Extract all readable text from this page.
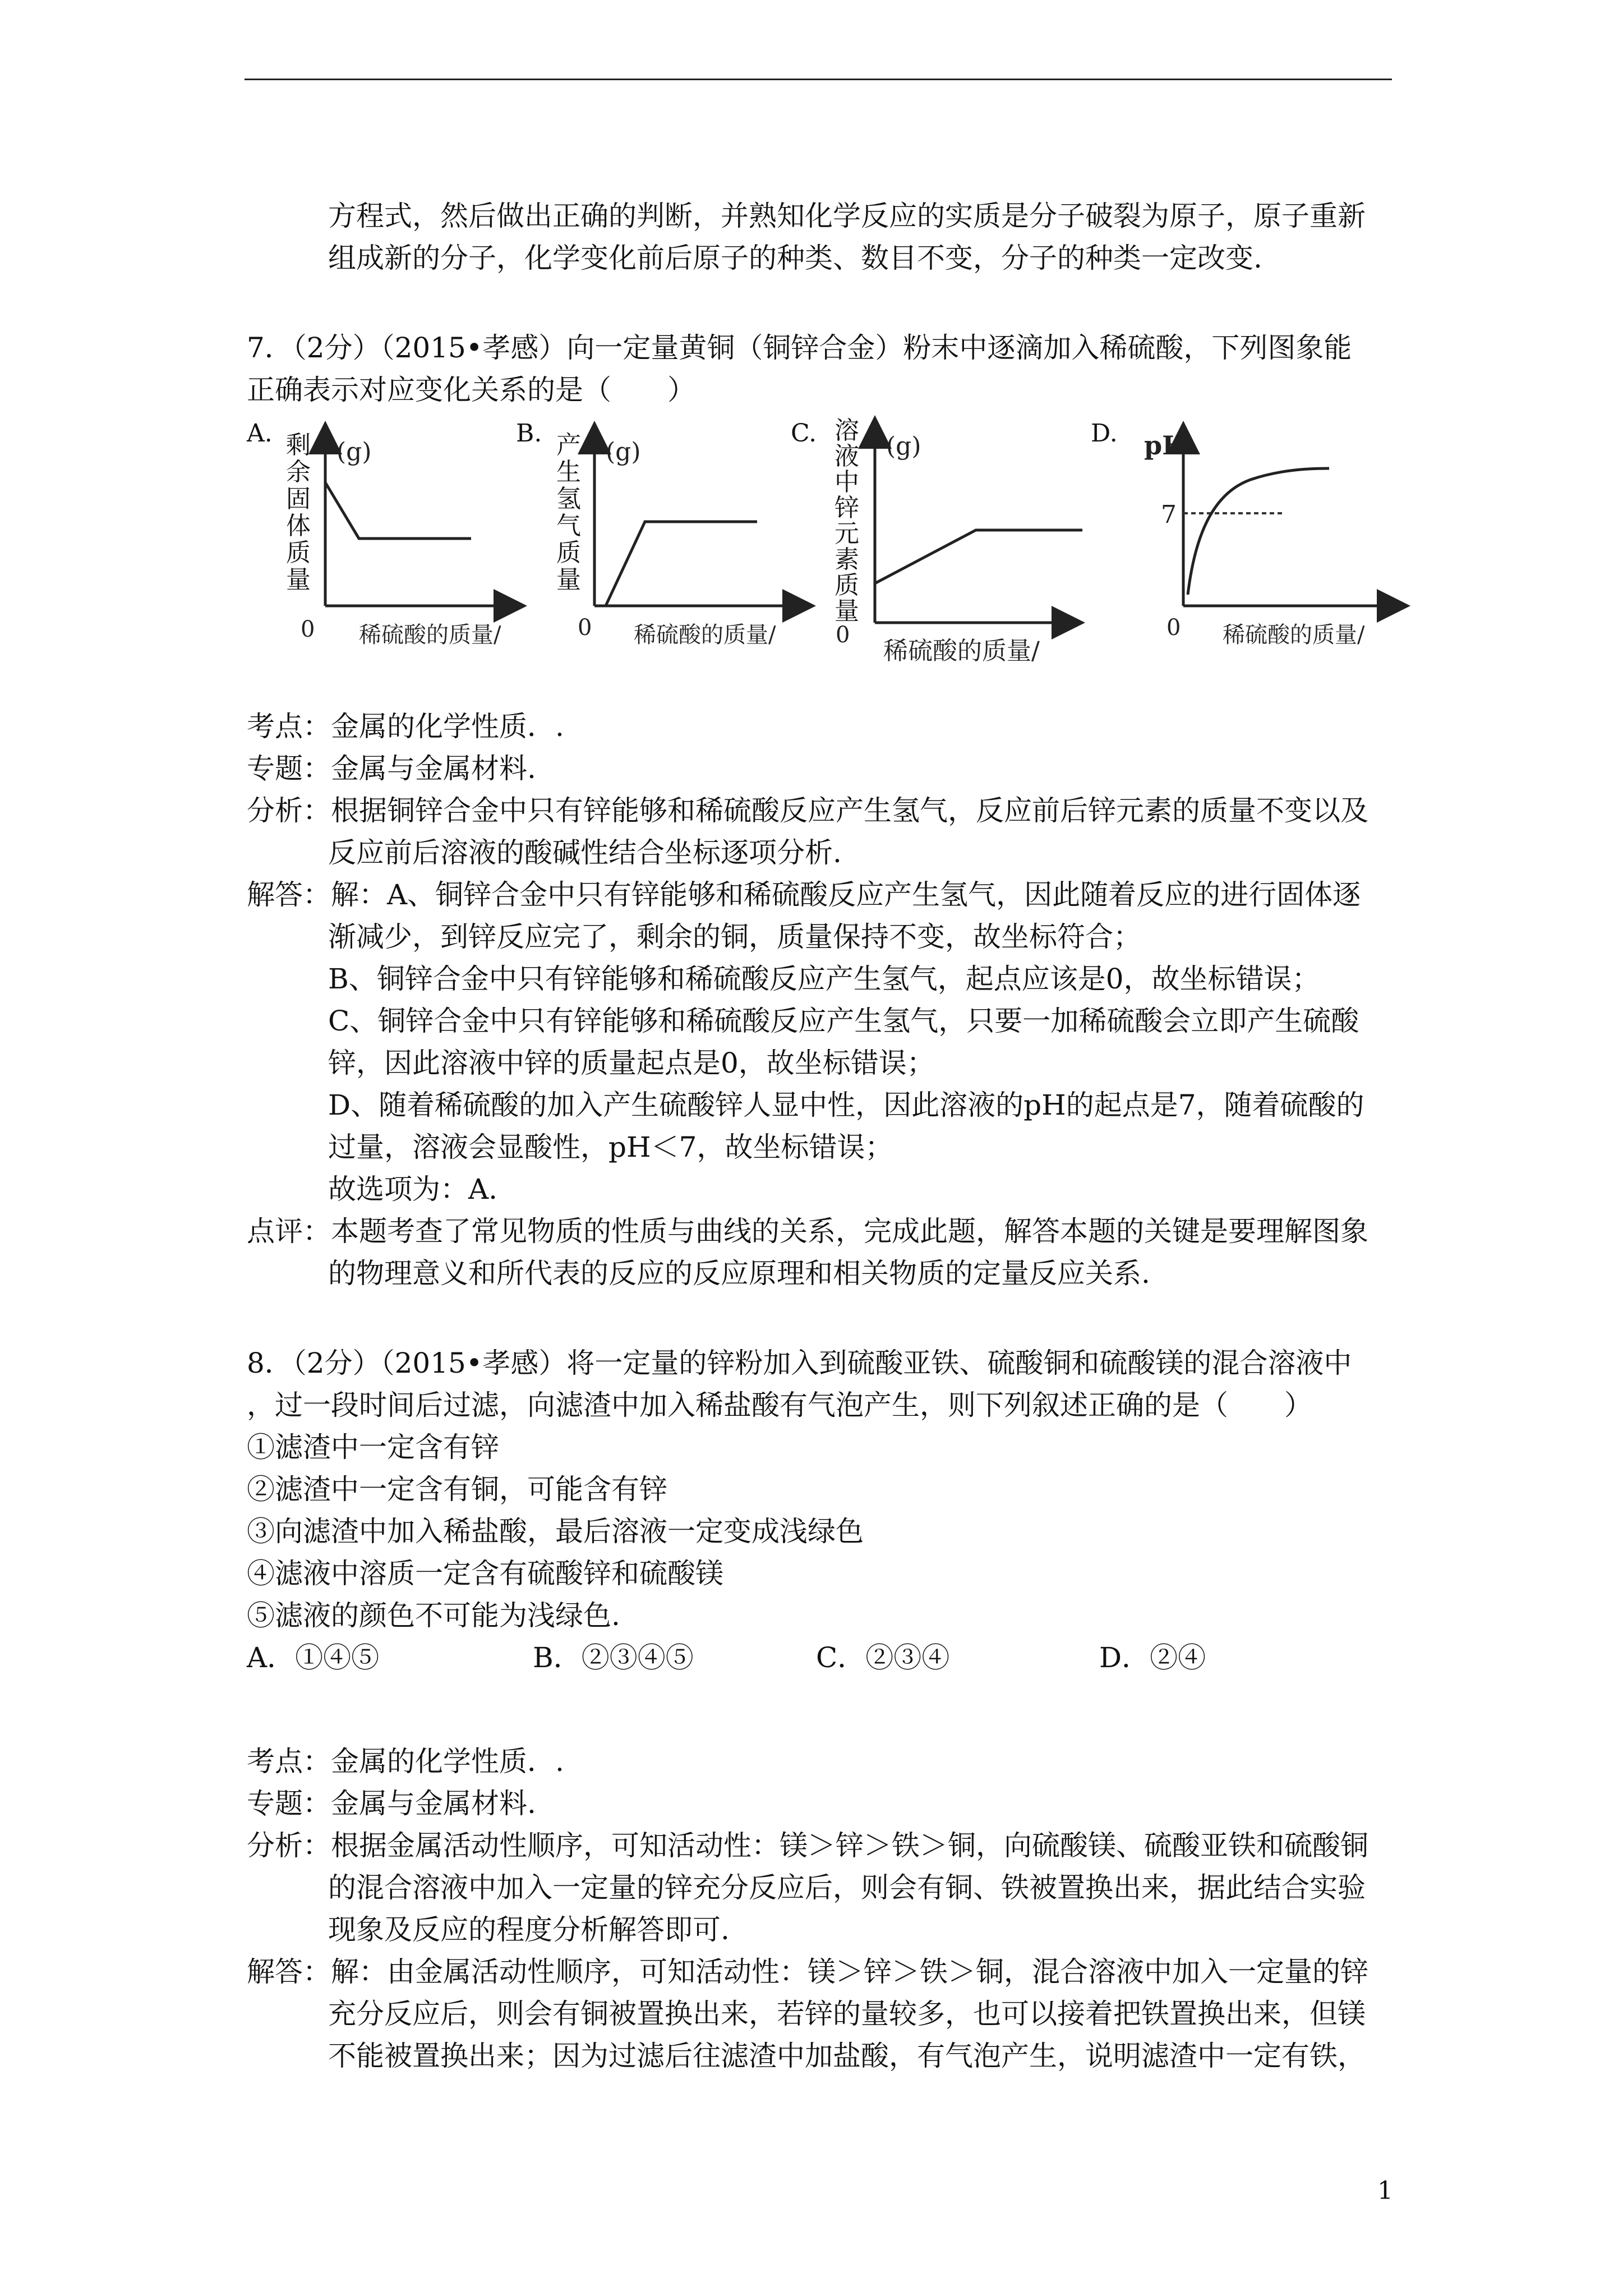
方程式，然后做出正确的判断，并熟知化学反应的实质是分子破裂为原子，原子重新
组成新的分子，化学变化前后原子的种类、数目不变，分子的种类一定改变.
7．（2分）（2015•孝感）向一定量黄铜（铜锌合金）粉末中逐滴加入稀硫酸，下列图象能
正确表示对应变化关系的是（　　）
A.	B.	C.	D.
(g)
0 稀硫酸的质量/
剩余固体质量
(g)
0 稀硫酸的质量/
产生氢气质量
(g)
0
稀硫酸的质量/
溶液中锌元素质量
pH
7
0 稀硫酸的质量/
考点：金属的化学性质．.
专题：金属与金属材料.
分析：根据铜锌合金中只有锌能够和稀硫酸反应产生氢气，反应前后锌元素的质量不变以及
反应前后溶液的酸碱性结合坐标逐项分析.
解答：解：A、铜锌合金中只有锌能够和稀硫酸反应产生氢气，因此随着反应的进行固体逐
渐减少，到锌反应完了，剩余的铜，质量保持不变，故坐标符合；
B、铜锌合金中只有锌能够和稀硫酸反应产生氢气，起点应该是0，故坐标错误；
C、铜锌合金中只有锌能够和稀硫酸反应产生氢气，只要一加稀硫酸会立即产生硫酸
锌，因此溶液中锌的质量起点是0，故坐标错误；
D、随着稀硫酸的加入产生硫酸锌人显中性，因此溶液的pH的起点是7，随着硫酸的
过量，溶液会显酸性，pH＜7，故坐标错误；
故选项为：A.
点评：本题考查了常见物质的性质与曲线的关系，完成此题，解答本题的关键是要理解图象
的物理意义和所代表的反应的反应原理和相关物质的定量反应关系.
8．（2分）（2015•孝感）将一定量的锌粉加入到硫酸亚铁、硫酸铜和硫酸镁的混合溶液中
，过一段时间后过滤，向滤渣中加入稀盐酸有气泡产生，则下列叙述正确的是（　　）
①滤渣中一定含有锌
②滤渣中一定含有铜，可能含有锌
③向滤渣中加入稀盐酸，最后溶液一定变成浅绿色
④滤液中溶质一定含有硫酸锌和硫酸镁
⑤滤液的颜色不可能为浅绿色.
A．①④⑤	B．②③④⑤	C．②③④	D．②④
考点：金属的化学性质．.
专题：金属与金属材料.
分析：根据金属活动性顺序，可知活动性：镁＞锌＞铁＞铜，向硫酸镁、硫酸亚铁和硫酸铜
的混合溶液中加入一定量的锌充分反应后，则会有铜、铁被置换出来，据此结合实验
现象及反应的程度分析解答即可.
解答：解：由金属活动性顺序，可知活动性：镁＞锌＞铁＞铜，混合溶液中加入一定量的锌
充分反应后，则会有铜被置换出来，若锌的量较多，也可以接着把铁置换出来，但镁
不能被置换出来；因为过滤后往滤渣中加盐酸，有气泡产生，说明滤渣中一定有铁，
1
